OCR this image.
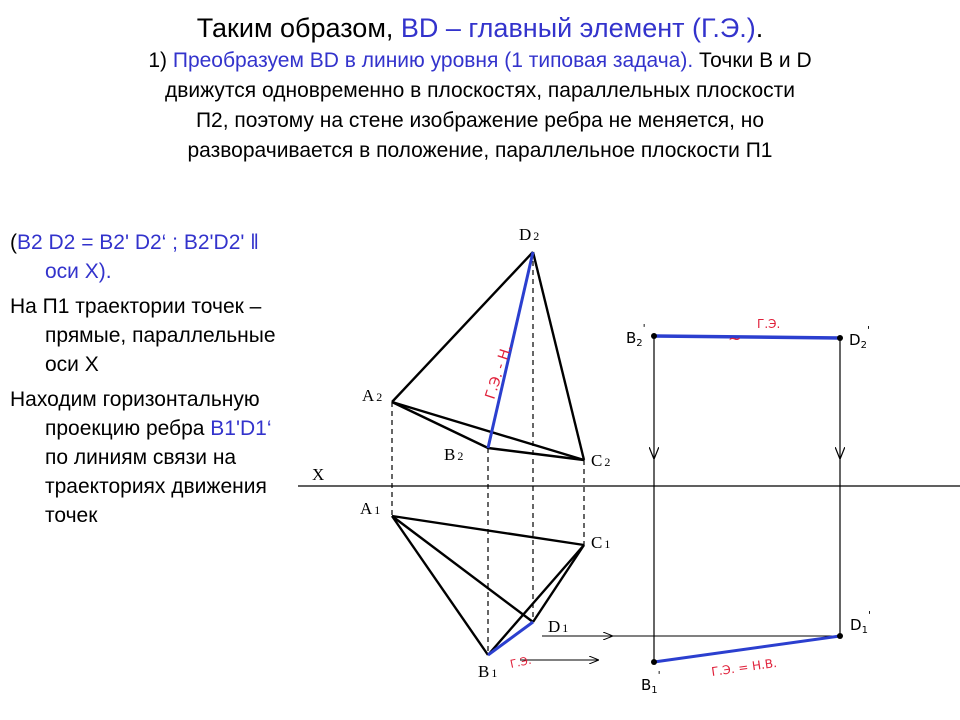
Таким образом, BD – главный элемент (Г.Э.).
1) Преобразуем BD в линию уровня (1 типовая задача). Точки В и D
движутся одновременно в плоскостях, параллельных плоскости
П2, поэтому на стене изображение ребра не меняется, но
разворачивается в положение, параллельное плоскости П1

(B2 D2 = B2' D2‘ ; B2'D2' ǁ оси Х).

На П1 траектории точек –прямые, параллельные оси Х

Находим горизонтальную проекцию ребра B1'D1‘ по линиям связи на траекториях движения точек

X
D 2
A 2
B 2	C 2
A 1
C 1
D 1
B 1
$B_2'$
$D_2'$
$D_1'$
$B_1'$
Г.Э.
Г.Э. - Н.
Г.Э. = Н.В.
Г.Э.
~
